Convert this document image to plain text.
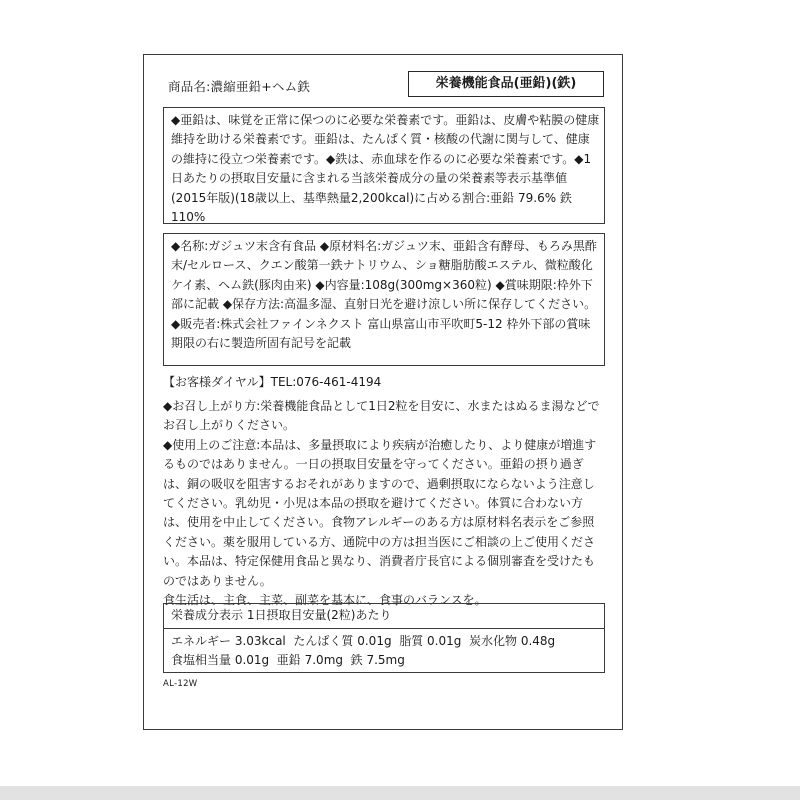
商品名:濃縮亜鉛+ヘム鉄	栄養機能食品(亜鉛)(鉄)

◆亜鉛は、味覚を正常に保つのに必要な栄養素です。亜鉛は、皮膚や粘膜の健康維持を助ける栄養素です。亜鉛は、たんぱく質・核酸の代謝に関与して、健康の維持に役立つ栄養素です。◆鉄は、赤血球を作るのに必要な栄養素です。◆1日あたりの摂取目安量に含まれる当該栄養成分の量の栄養素等表示基準値(2015年版)(18歳以上、基準熱量2,200kcal)に占める割合:亜鉛 79.6% 鉄 110%

◆名称:ガジュツ末含有食品 ◆原材料名:ガジュツ末、亜鉛含有酵母、もろみ黒酢末/セルロース、クエン酸第一鉄ナトリウム、ショ糖脂肪酸エステル、微粒酸化ケイ素、ヘム鉄(豚肉由来) ◆内容量:108g(300mg×360粒) ◆賞味期限:枠外下部に記載 ◆保存方法:高温多湿、直射日光を避け涼しい所に保存してください。 ◆販売者:株式会社ファインネクスト 富山県富山市平吹町5-12 枠外下部の賞味期限の右に製造所固有記号を記載

【お客様ダイヤル】TEL:076-461-4194

◆お召し上がり方:栄養機能食品として1日2粒を目安に、水またはぬるま湯などでお召し上がりください。

◆使用上のご注意:本品は、多量摂取により疾病が治癒したり、より健康が増進するものではありません。一日の摂取目安量を守ってください。亜鉛の摂り過ぎは、銅の吸収を阻害するおそれがありますので、過剰摂取にならないよう注意してください。乳幼児・小児は本品の摂取を避けてください。体質に合わない方は、使用を中止してください。食物アレルギーのある方は原材料名表示をご参照ください。薬を服用している方、通院中の方は担当医にご相談の上ご使用ください。本品は、特定保健用食品と異なり、消費者庁長官による個別審査を受けたものではありません。

食生活は、主食、主菜、副菜を基本に、食事のバランスを。

栄養成分表示 1日摂取目安量(2粒)あたり
エネルギー 3.03kcal たんぱく質 0.01g 脂質 0.01g 炭水化物 0.48g
食塩相当量 0.01g 亜鉛 7.0mg 鉄 7.5mg
AL-12W
